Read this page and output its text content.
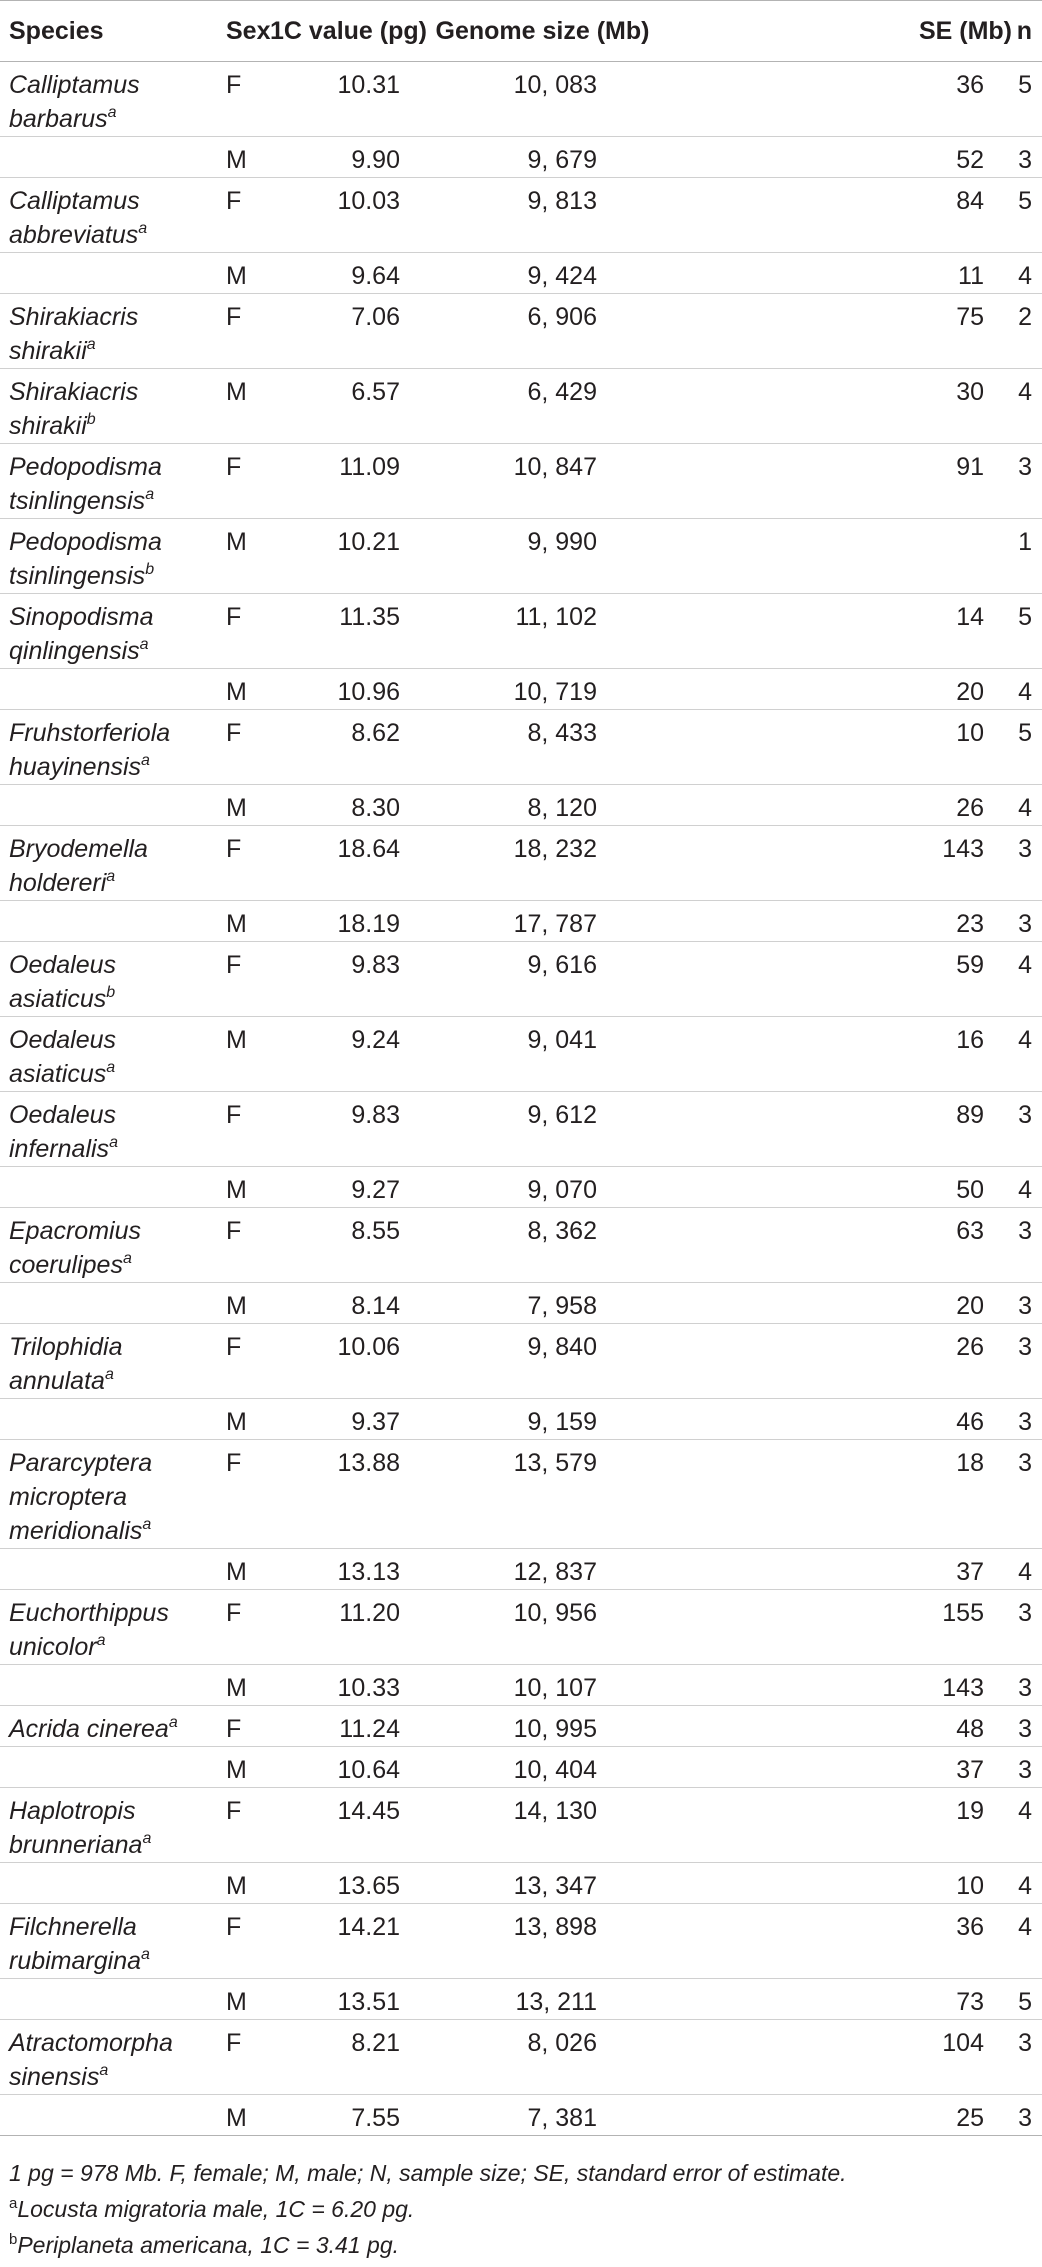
Species	Sex	1C value (pg)	Genome size (Mb)	SE (Mb)	n
Calliptamus barbarus$^a$	F	10.31	10, 083	36	5
	M	9.90	9, 679	52	3
Calliptamus abbreviatus$^a$	F	10.03	9, 813	84	5
	M	9.64	9, 424	11	4
Shirakiacris shirakii$^a$	F	7.06	6, 906	75	2
Shirakiacris shirakii$^b$	M	6.57	6, 429	30	4
Pedopodisma tsinlingensis$^a$	F	11.09	10, 847	91	3
Pedopodisma tsinlingensis$^b$	M	10.21	9, 990		1
Sinopodisma qinlingensis$^a$	F	11.35	11, 102	14	5
	M	10.96	10, 719	20	4
Fruhstorferiola huayinensis$^a$	F	8.62	8, 433	10	5
	M	8.30	8, 120	26	4
Bryodemella holdereri$^a$	F	18.64	18, 232	143	3
	M	18.19	17, 787	23	3
Oedaleus asiaticus$^b$	F	9.83	9, 616	59	4
Oedaleus asiaticus$^a$	M	9.24	9, 041	16	4
Oedaleus infernalis$^a$	F	9.83	9, 612	89	3
	M	9.27	9, 070	50	4
Epacromius coerulipes$^a$	F	8.55	8, 362	63	3
	M	8.14	7, 958	20	3
Trilophidia annulata$^a$	F	10.06	9, 840	26	3
	M	9.37	9, 159	46	3
Pararcyptera microptera meridionalis$^a$	F	13.88	13, 579	18	3
	M	13.13	12, 837	37	4
Euchorthippus unicolor$^a$	F	11.20	10, 956	155	3
	M	10.33	10, 107	143	3
Acrida cinerea$^a$	F	11.24	10, 995	48	3
	M	10.64	10, 404	37	3
Haplotropis brunneriana$^a$	F	14.45	14, 130	19	4
	M	13.65	13, 347	10	4
Filchnerella rubimargina$^a$	F	14.21	13, 898	36	4
	M	13.51	13, 211	73	5
Atractomorpha sinensis$^a$	F	8.21	8, 026	104	3
	M	7.55	7, 381	25	3
1 pg = 978 Mb. F, female; M, male; N, sample size; SE, standard error of estimate.
$^a$Locusta migratoria male, 1C = 6.20 pg.
$^b$Periplaneta americana, 1C = 3.41 pg.
